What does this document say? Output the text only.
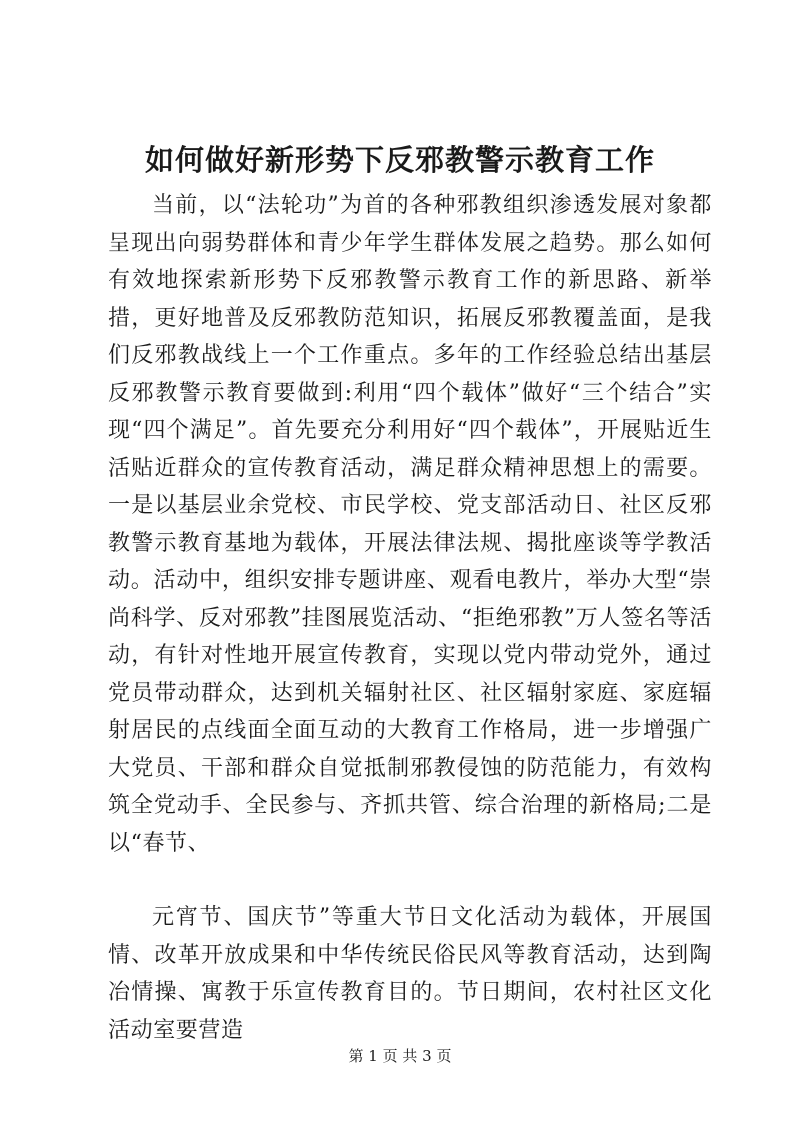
如何做好新形势下反邪教警示教育工作

当前，以“法轮功”为首的各种邪教组织渗透发展对象都呈现出向弱势群体和青少年学生群体发展之趋势。那么如何有效地探索新形势下反邪教警示教育工作的新思路、新举措，更好地普及反邪教防范知识，拓展反邪教覆盖面，是我们反邪教战线上一个工作重点。多年的工作经验总结出基层反邪教警示教育要做到:利用“四个载体”做好“三个结合”实现“四个满足”。首先要充分利用好“四个载体”，开展贴近生活贴近群众的宣传教育活动，满足群众精神思想上的需要。一是以基层业余党校、市民学校、党支部活动日、社区反邪教警示教育基地为载体，开展法律法规、揭批座谈等学教活动。活动中，组织安排专题讲座、观看电教片，举办大型“崇尚科学、反对邪教”挂图展览活动、“拒绝邪教”万人签名等活动，有针对性地开展宣传教育，实现以党内带动党外，通过党员带动群众，达到机关辐射社区、社区辐射家庭、家庭辐射居民的点线面全面互动的大教育工作格局，进一步增强广大党员、干部和群众自觉抵制邪教侵蚀的防范能力，有效构筑全党动手、全民参与、齐抓共管、综合治理的新格局;二是以“春节、

元宵节、国庆节”等重大节日文化活动为载体，开展国情、改革开放成果和中华传统民俗民风等教育活动，达到陶冶情操、寓教于乐宣传教育目的。节日期间，农村社区文化活动室要营造

第 1 页 共 3 页
